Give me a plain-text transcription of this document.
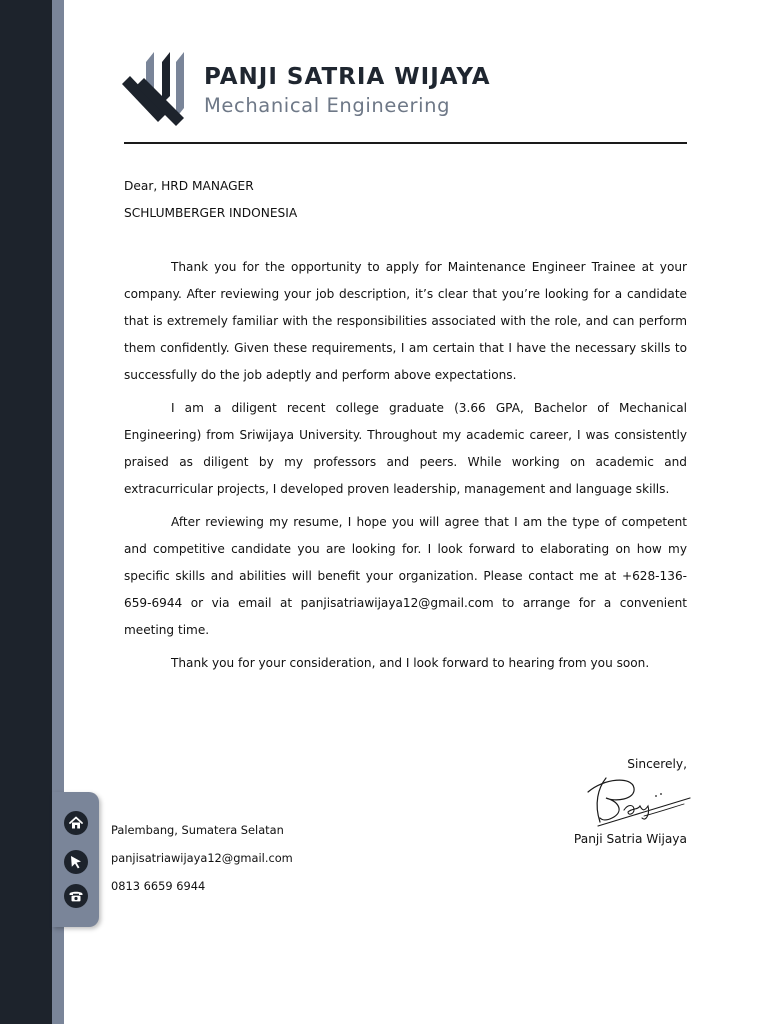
PANJI SATRIA WIJAYA
Mechanical Engineering
Dear, HRD MANAGER
SCHLUMBERGER INDONESIA

Thank you for the opportunity to apply for Maintenance Engineer Trainee at your company. After reviewing your job description, it’s clear that you’re looking for a candidate that is extremely familiar with the responsibilities associated with the role, and can perform them confidently. Given these requirements, I am certain that I have the necessary skills to successfully do the job adeptly and perform above expectations.

I am a diligent recent college graduate (3.66 GPA, Bachelor of Mechanical Engineering) from Sriwijaya University. Throughout my academic career, I was consistently praised as diligent by my professors and peers. While working on academic and extracurricular projects, I developed proven leadership, management and language skills.

After reviewing my resume, I hope you will agree that I am the type of competent and competitive candidate you are looking for. I look forward to elaborating on how my specific skills and abilities will benefit your organization. Please contact me at +628-136-659-6944 or via email at panjisatriawijaya12@gmail.com to arrange for a convenient meeting time.

Thank you for your consideration, and I look forward to hearing from you soon.

Sincerely,
Panji Satria Wijaya
Palembang, Sumatera Selatan
panjisatriawijaya12@gmail.com
0813 6659 6944
